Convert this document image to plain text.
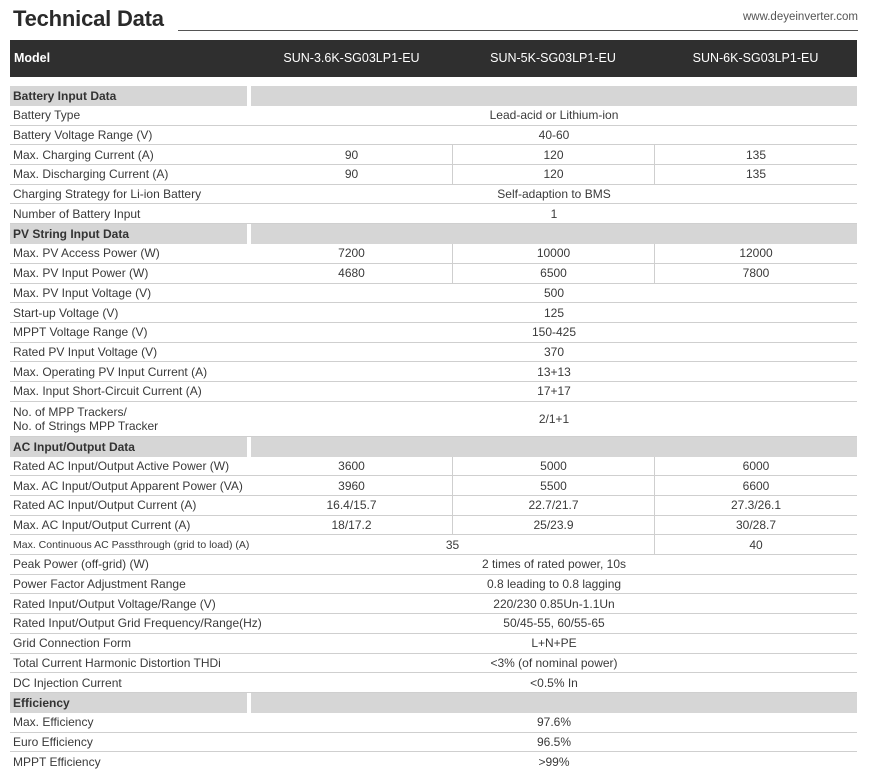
Technical Data	www.deyeinverter.com
Model	SUN-3.6K-SG03LP1-EU	SUN-5K-SG03LP1-EU	SUN-6K-SG03LP1-EU
Battery Input Data
Battery Type	Lead-acid or Lithium-ion
Battery Voltage Range (V)	40-60
Max. Charging Current (A)	90	120	135
Max. Discharging Current (A)	90	120	135
Charging Strategy for Li-ion Battery	Self-adaption to BMS
Number of Battery Input	1
PV String Input Data
Max. PV Access Power (W)	7200	10000	12000
Max. PV Input Power (W)	4680	6500	7800
Max. PV Input Voltage (V)	500
Start-up Voltage (V)	125
MPPT Voltage Range (V)	150-425
Rated PV Input Voltage (V)	370
Max. Operating PV Input Current (A)	13+13
Max. Input Short-Circuit Current (A)	17+17
No. of MPP Trackers/
No. of Strings MPP Tracker	2/1+1
AC Input/Output Data
Rated AC Input/Output Active Power (W)	3600	5000	6000
Max. AC Input/Output Apparent Power (VA)	3960	5500	6600
Rated AC Input/Output Current (A)	16.4/15.7	22.7/21.7	27.3/26.1
Max. AC Input/Output Current (A)	18/17.2	25/23.9	30/28.7
Max. Continuous AC Passthrough (grid to load) (A)	35	40
Peak Power (off-grid) (W)	2 times of rated power, 10s
Power Factor Adjustment Range	0.8 leading to 0.8 lagging
Rated Input/Output Voltage/Range (V)	220/230 0.85Un-1.1Un
Rated Input/Output Grid Frequency/Range(Hz)	50/45-55, 60/55-65
Grid Connection Form	L+N+PE
Total Current Harmonic Distortion THDi	<3% (of nominal power)
DC Injection Current	<0.5% In
Efficiency
Max. Efficiency	97.6%
Euro Efficiency	96.5%
MPPT Efficiency	>99%
